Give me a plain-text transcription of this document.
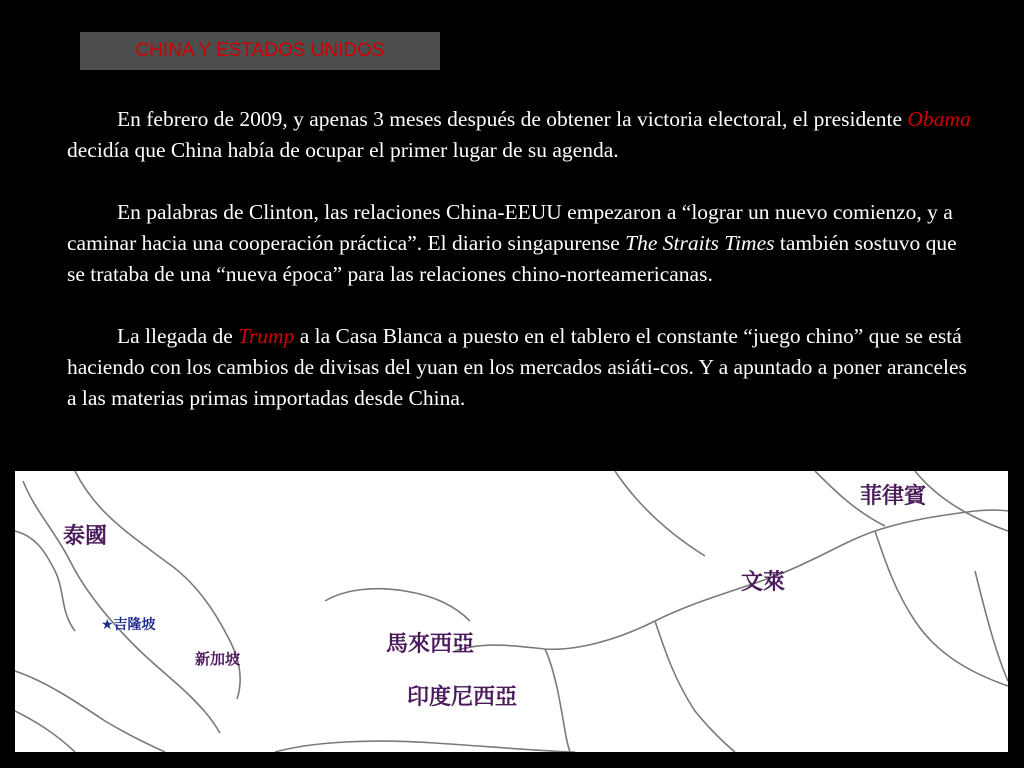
CHINA Y ESTADOS UNIDOS

En febrero de 2009, y apenas 3 meses después de obtener la victoria electoral, el presidente Obama decidía que China había de ocupar el primer lugar de su agenda.

En palabras de Clinton, las relaciones China-EEUU empezaron a “lograr un nuevo comienzo, y a caminar hacia una cooperación práctica”. El diario singapurense The Straits Times también sostuvo que se trataba de una “nueva época” para las relaciones chino-norteamericanas.

La llegada de Trump a la Casa Blanca a puesto en el tablero el constante “juego chino” que se está haciendo con los cambios de divisas del yuan en los mercados asiáti-cos. Y a apuntado a poner aranceles a las materias primas importadas desde China.

泰國
★吉隆坡
新加坡
馬來西亞
印度尼西亞
文萊
菲律賓
